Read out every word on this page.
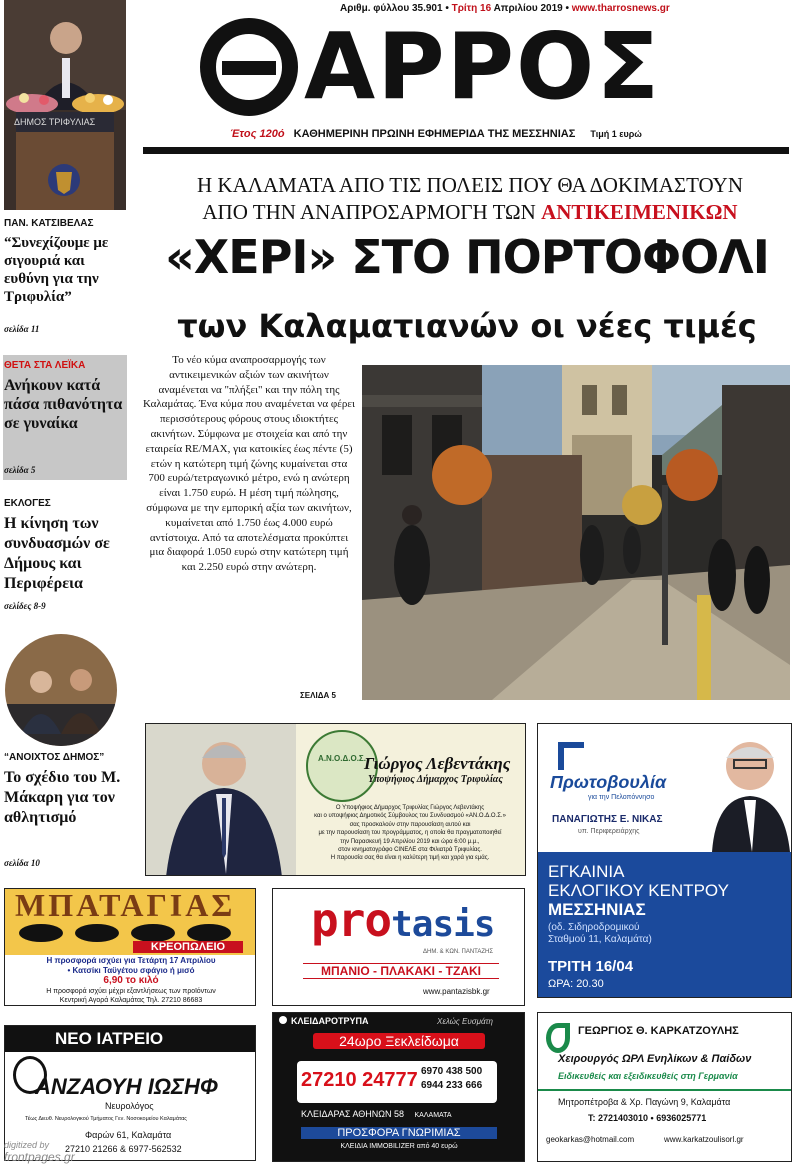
Αριθμ. φύλλου 35.901 • Τρίτη 16 Απριλίου 2019 • www.tharrosnews.gr
ΑΡΡΟΣ
Έτος 120ό ΚΑΘΗΜΕΡΙΝΗ ΠΡΩΙΝΗ ΕΦΗΜΕΡΙΔΑ ΤΗΣ ΜΕΣΣΗΝΙΑΣ Τιμή 1 ευρώ
ΔΗΜΟΣ ΤΡΙΦΥΛΙΑΣ
ΠΑΝ. ΚΑΤΣΙΒΕΛΑΣ
“Συνεχίζουμε με σιγουριά και ευθύνη για την Τριφυλία”
σελίδα 11
ΘΕΤΑ ΣΤΑ ΛΕΪΚΑ
Ανήκουν κατά πάσα πιθανότητα σε γυναίκα
σελίδα 5
ΕΚΛΟΓΕΣ
Η κίνηση των συνδυασμών σε Δήμους και Περιφέρεια
σελίδες 8-9
“ΑΝΟΙΧΤΟΣ ΔΗΜΟΣ”
Το σχέδιο του Μ. Μάκαρη για τον αθλητισμό
σελίδα 10
Η ΚΑΛΑΜΑΤΑ ΑΠΟ ΤΙΣ ΠΟΛΕΙΣ ΠΟΥ ΘΑ ΔΟΚΙΜΑΣΤΟΥΝ
ΑΠΟ ΤΗΝ ΑΝΑΠΡΟΣΑΡΜΟΓΗ ΤΩΝ ΑΝΤΙΚΕΙΜΕΝΙΚΩΝ
«ΧΕΡΙ» ΣΤΟ ΠΟΡΤΟΦΟΛΙ
των Καλαματιανών οι νέες τιμές
Το νέο κύμα αναπροσαρμογής των αντικειμενικών αξιών των ακινήτων αναμένεται να "πλήξει" και την πόλη της Καλαμάτας. Ένα κύμα που αναμένεται να φέρει περισσότερους φόρους στους ιδιοκτήτες ακινήτων. Σύμφωνα με στοιχεία και από την εταιρεία RE/MAX, για κατοικίες έως πέντε (5) ετών η κατώτερη τιμή ζώνης κυμαίνεται στα 700 ευρώ/τετραγωνικό μέτρο, ενώ η ανώτερη είναι 1.750 ευρώ. Η μέση τιμή πώλησης, σύμφωνα με την εμπορική αξία των ακινήτων, κυμαίνεται από 1.750 έως 4.000 ευρώ αντίστοιχα. Από τα αποτελέσματα προκύπτει μια διαφορά 1.050 ευρώ στην κατώτερη τιμή και 2.250 ευρώ στην ανώτερη.
ΣΕΛΙΔΑ 5
Α.Ν.Ο.Δ.Ο.Σ.
Γιώργος Λεβεντάκης
Υποψήφιος Δήμαρχος Τριφυλίας
Ο Υποψήφιος Δήμαρχος Τριφυλίας Γιώργος Λεβεντάκης
και ο υποψήφιος Δημοτικός Σύμβουλος του Συνδυασμού «ΑΝ.Ο.Δ.Ο.Σ.»
σας προσκαλούν στην παρουσίαση αυτού και
με την παρουσίαση του προγράμματος, η οποία θα πραγματοποιηθεί
την Παρασκευή 19 Απριλίου 2019 και ώρα 6:00 μ.μ.,
στον κινηματογράφο CINEΛΕ στα Φιλιατρά Τριφυλίας.
Η παρουσία σας θα είναι η καλύτερη τιμή και χαρά για εμάς.
Πρωτοβουλία
για την Πελοπόννησο
ΠΑΝΑΓΙΩΤΗΣ Ε. ΝΙΚΑΣ
υπ. Περιφερειάρχης
ΕΓΚΑΙΝΙΑ
ΕΚΛΟΓΙΚΟΥ ΚΕΝΤΡΟΥ
ΜΕΣΣΗΝΙΑΣ
(οδ. Σιδηροδρομικού
Σταθμού 11, Καλαμάτα)
ΤΡΙΤΗ 16/04
ΩΡΑ: 20.30
ΜΠΑΤΑΓΙΑΣ
ΚΡΕΟΠΩΛΕΙΟ
Η προσφορά ισχύει για Τετάρτη 17 Απριλίου
• Κατσίκι Ταϋγέτου σφάγιο ή μισό
6,90 το κιλό
Η προσφορά ισχύει μέχρι εξαντλήσεως των προϊόντων
Κεντρική Αγορά Καλαμάτας Τηλ. 27210 86683
protasis
ΔΗΜ. & ΚΩΝ. ΠΑΝΤΑΖΗΣ
ΜΠΑΝΙΟ - ΠΛΑΚΑΚΙ - ΤΖΑΚΙ
www.pantazisbk.gr
ΝΕΟ ΙΑΤΡΕΙΟ
ΑΝΖΑΟΥΗ ΙΩΣΗΦ
Νευρολόγος
Τέως Διευθ. Νευρολογικού Τμήματος Γεν. Νοσοκομείου Καλαμάτας
Φαρών 61, Καλαμάτα
27210 21266 & 6977-562532
ΚΛΕΙΔΑΡΟΤΡΥΠΑ	Χελώς Ευσμάτη
24ωρο Ξεκλείδωμα
27210 24777 6970 438 500
6944 233 666
ΚΛΕΙΔΑΡΑΣ ΑΘΗΝΩΝ 58 ΚΑΛΑΜΑΤΑ
ΠΡΟΣΦΟΡΑ ΓΝΩΡΙΜΙΑΣ
ΚΛΕΙΔΙΑ IMMOBILIZER από 40 ευρώ
ΓΕΩΡΓΙΟΣ Θ. ΚΑΡΚΑΤΖΟΥΛΗΣ
Χειρουργός ΩΡΛ Ενηλίκων & Παίδων
Ειδικευθείς και εξειδικευθείς στη Γερμανία
Μητροπέτροβα & Χρ. Παγώνη 9, Καλαμάτα
Τ: 2721403010 • 6936025771
geokarkas@hotmail.com	www.karkatzoulisorl.gr
digitized by
frontpages.gr
